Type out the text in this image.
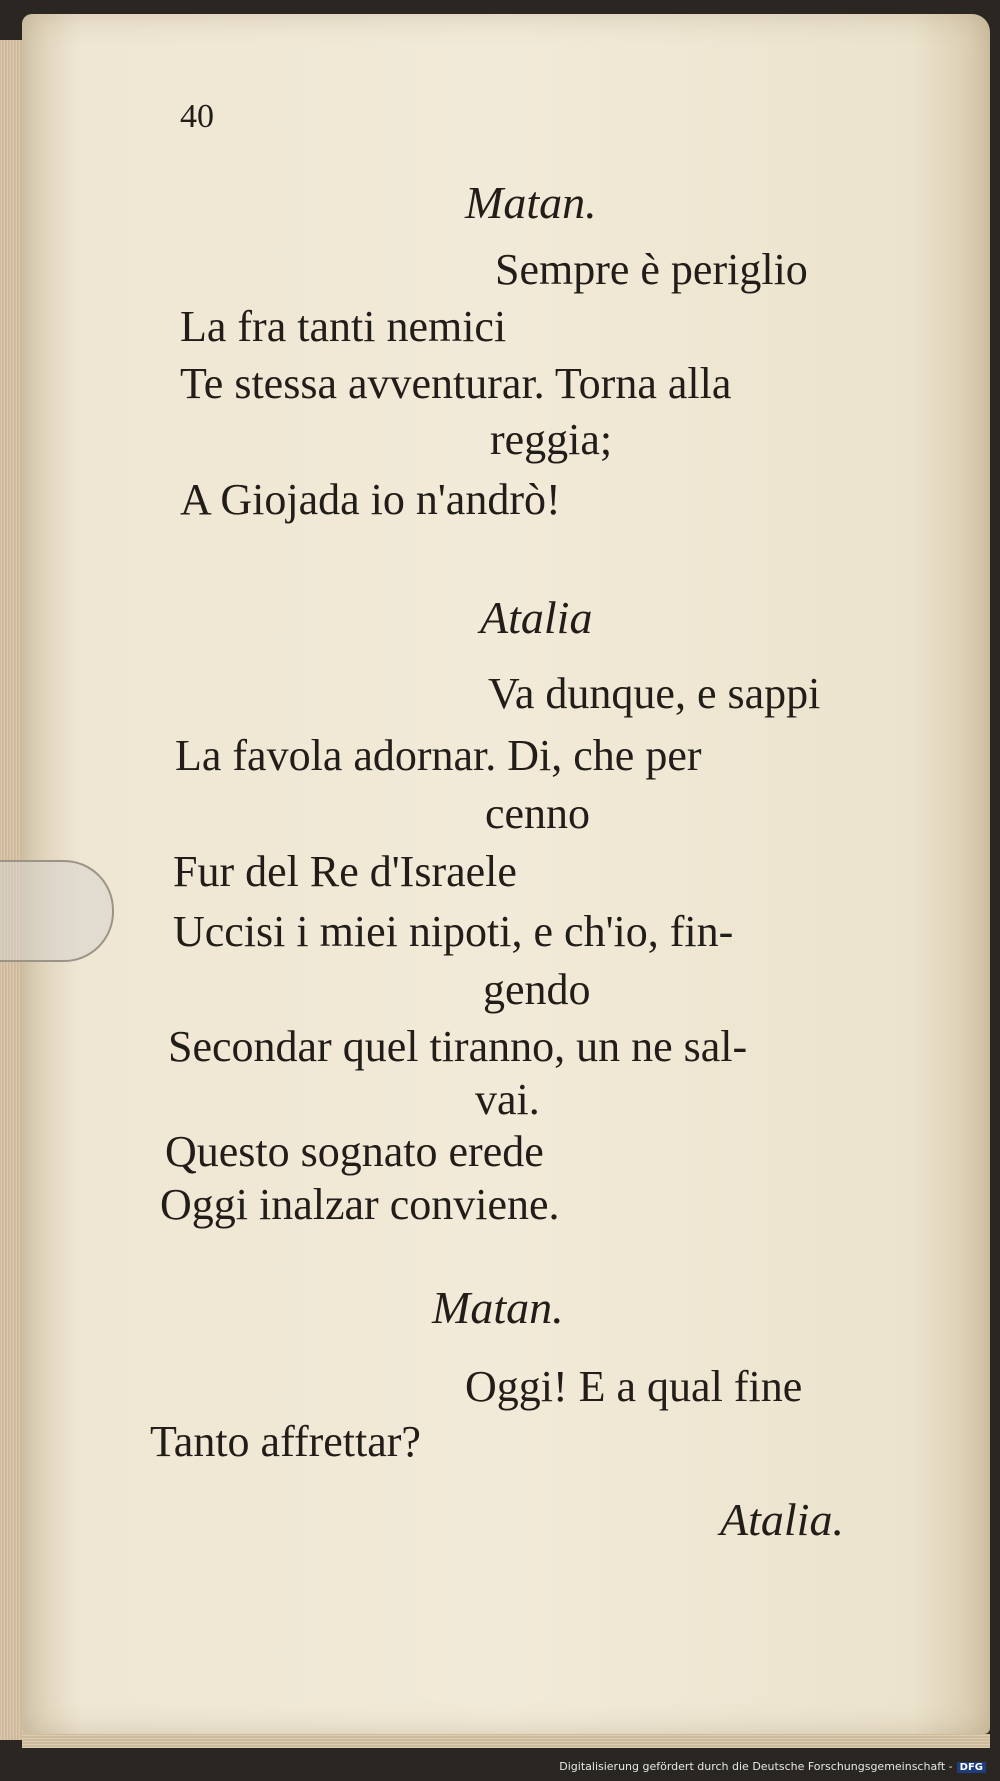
40
Matan.
Sempre è periglio
La fra tanti nemici
Te stessa avventurar. Torna alla
reggia;
A Giojada io n'andrò!
Atalia
Va dunque, e sappi
La favola adornar. Di, che per
cenno
Fur del Re d'Israele
Uccisi i miei nipoti, e ch'io, fin-
gendo
Secondar quel tiranno, un ne sal-
vai.
Questo sognato erede
Oggi inalzar conviene.
Matan.
Oggi! E a qual fine
Tanto affrettar?
Atalia.
Digitalisierung gefördert durch die Deutsche Forschungsgemeinschaft - DFG
